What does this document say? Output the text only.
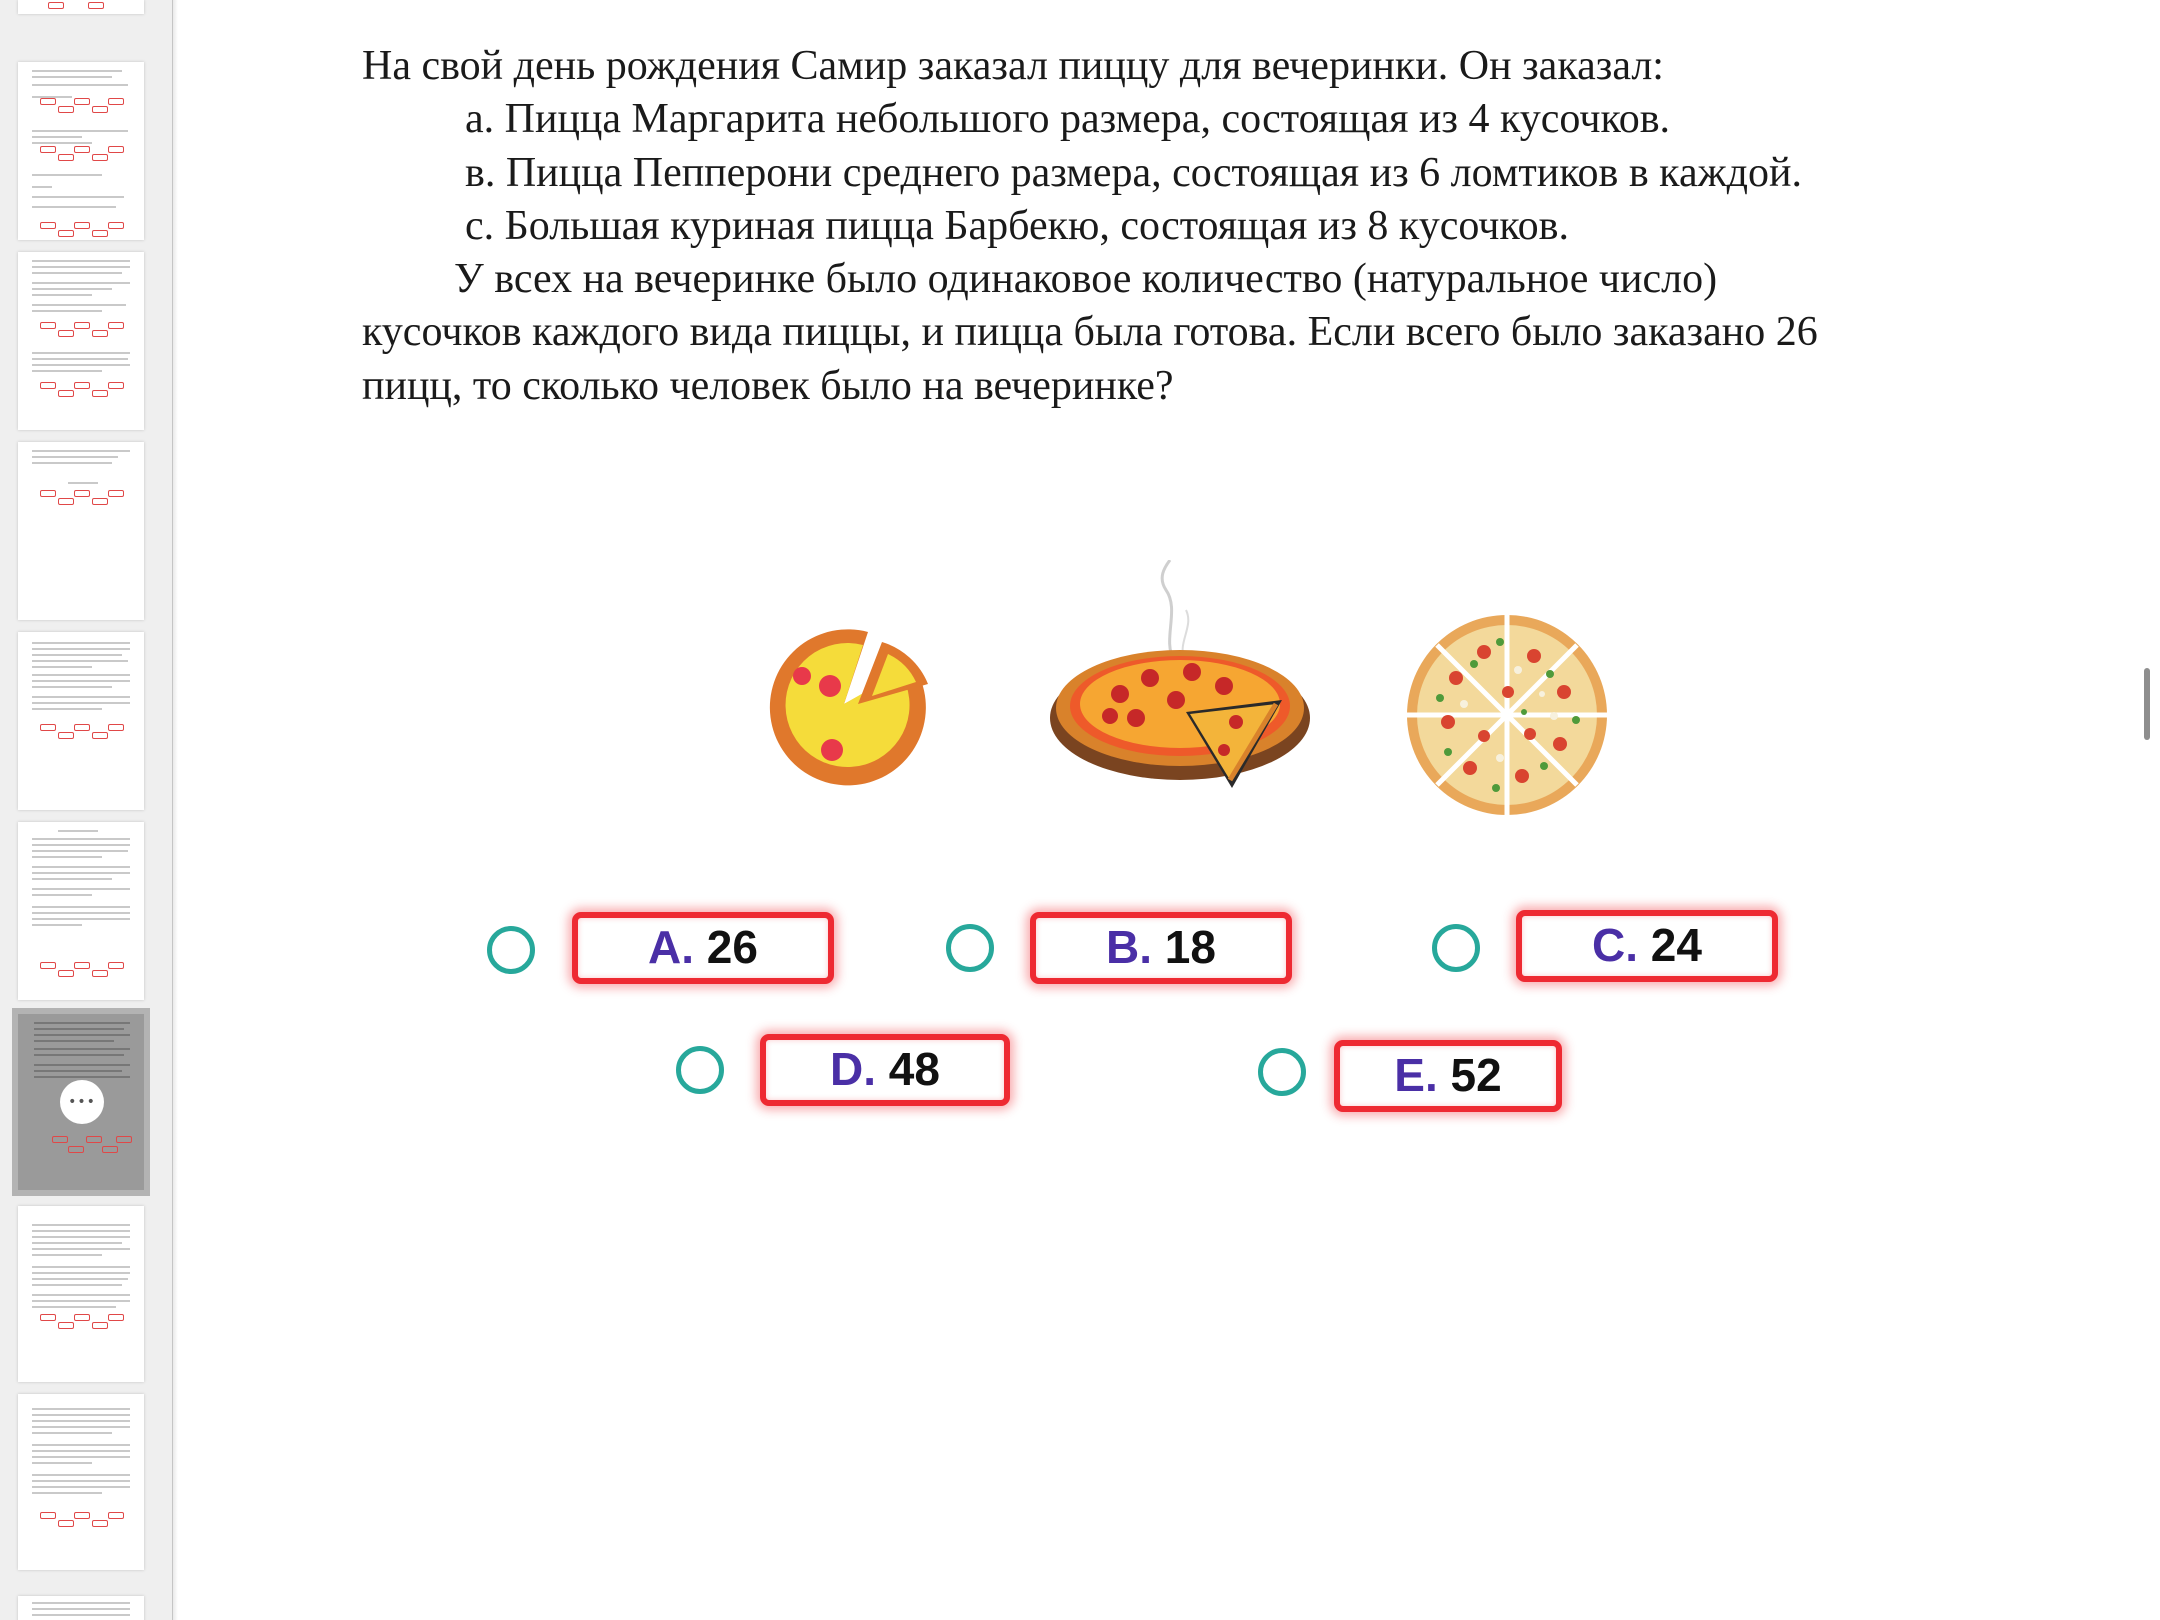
•••
На свой день рождения Самир заказал пиццу для вечеринки. Он заказал:
а. Пицца Маргарита небольшого размера, состоящая из 4 кусочков.
в. Пицца Пепперони среднего размера, состоящая из 6 ломтиков в каждой.
с. Большая куриная пицца Барбекю, состоящая из 8 кусочков.
У всех на вечеринке было одинаковое количество (натуральное число)
кусочков каждого вида пиццы, и пицца была готова. Если всего было заказано 26
пицц, то сколько человек было на вечеринке?
A. 26	B. 18	C. 24
D. 48	E. 52
